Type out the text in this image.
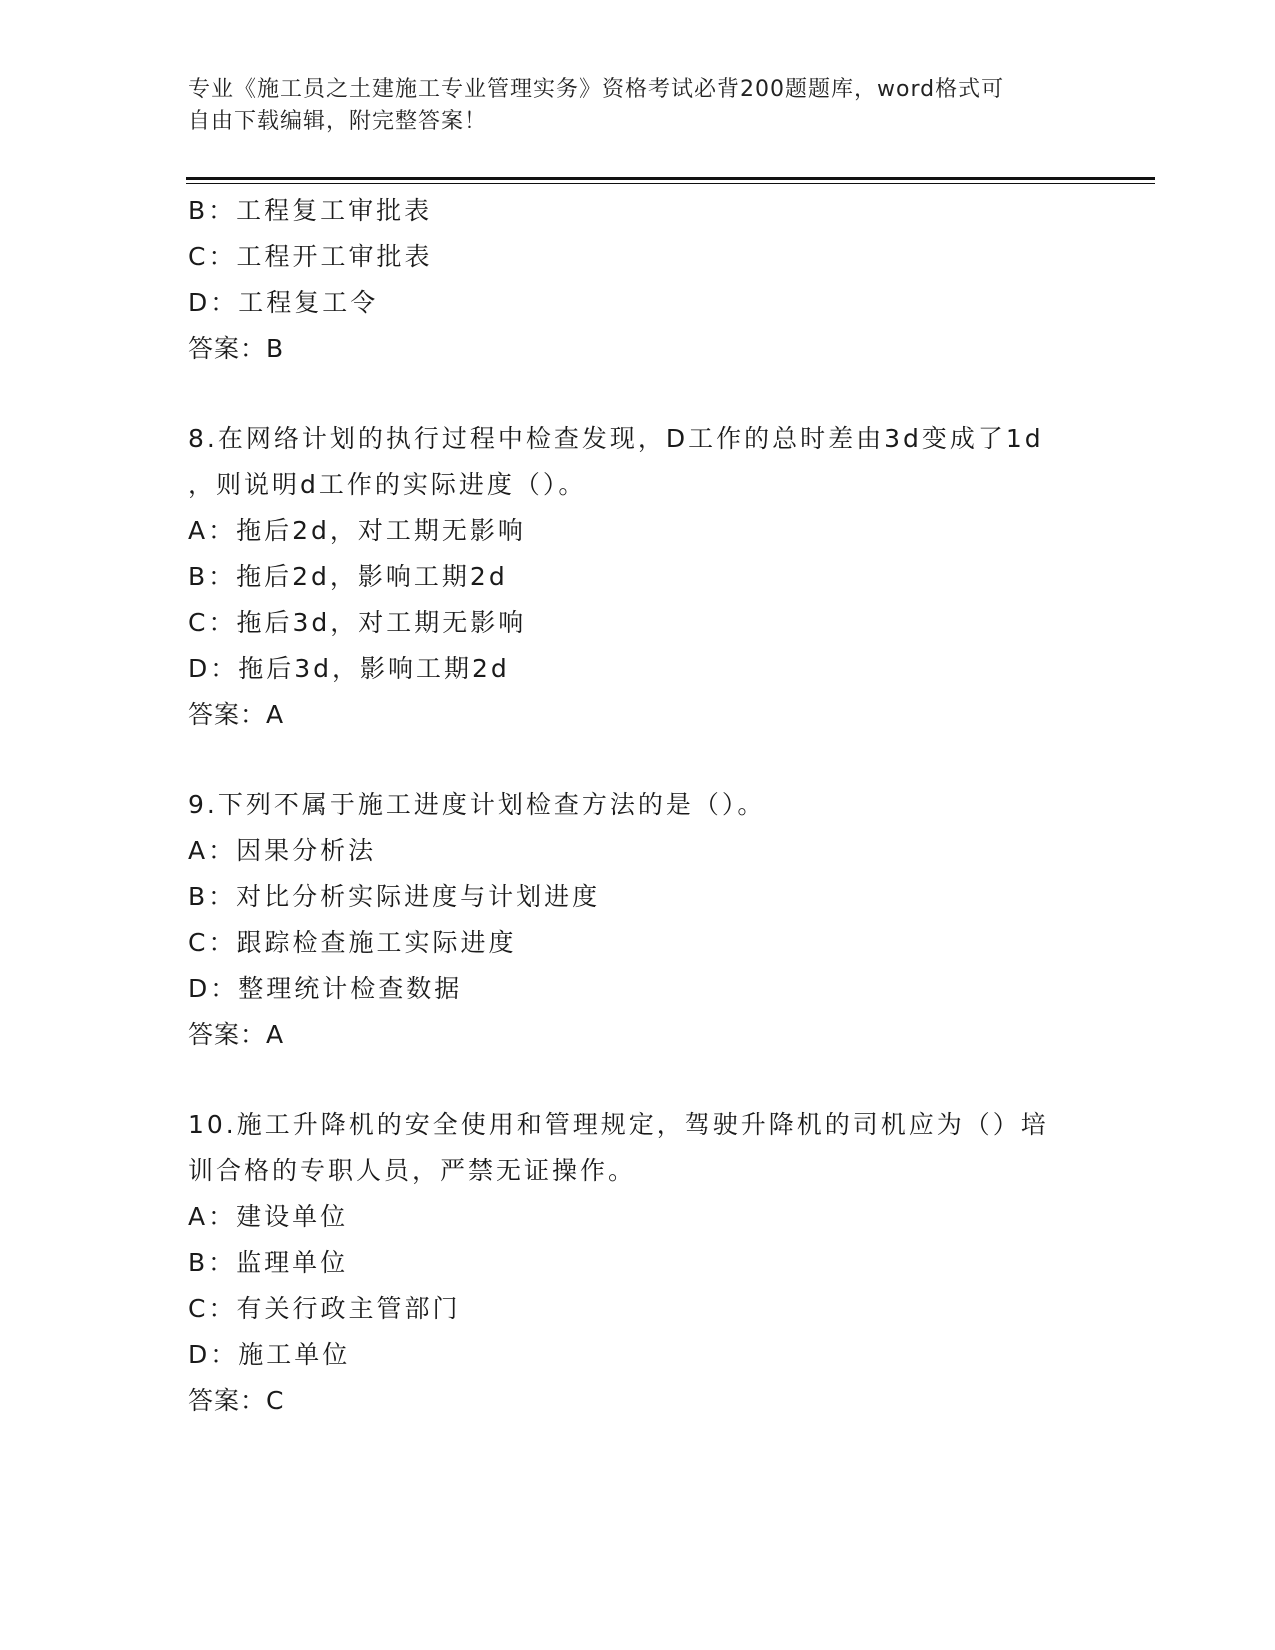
专业《施工员之土建施工专业管理实务》资格考试必背200题题库，word格式可
自由下载编辑，附完整答案！
B：工程复工审批表
C：工程开工审批表
D：工程复工令
答案：B
8.在网络计划的执行过程中检查发现，D工作的总时差由3d变成了1d
，则说明d工作的实际进度（）。
A：拖后2d，对工期无影响
B：拖后2d，影响工期2d
C：拖后3d，对工期无影响
D：拖后3d，影响工期2d
答案：A
9.下列不属于施工进度计划检查方法的是（）。
A：因果分析法
B：对比分析实际进度与计划进度
C：跟踪检查施工实际进度
D：整理统计检查数据
答案：A
10.施工升降机的安全使用和管理规定，驾驶升降机的司机应为（）培
训合格的专职人员，严禁无证操作。
A：建设单位
B：监理单位
C：有关行政主管部门
D：施工单位
答案：C
